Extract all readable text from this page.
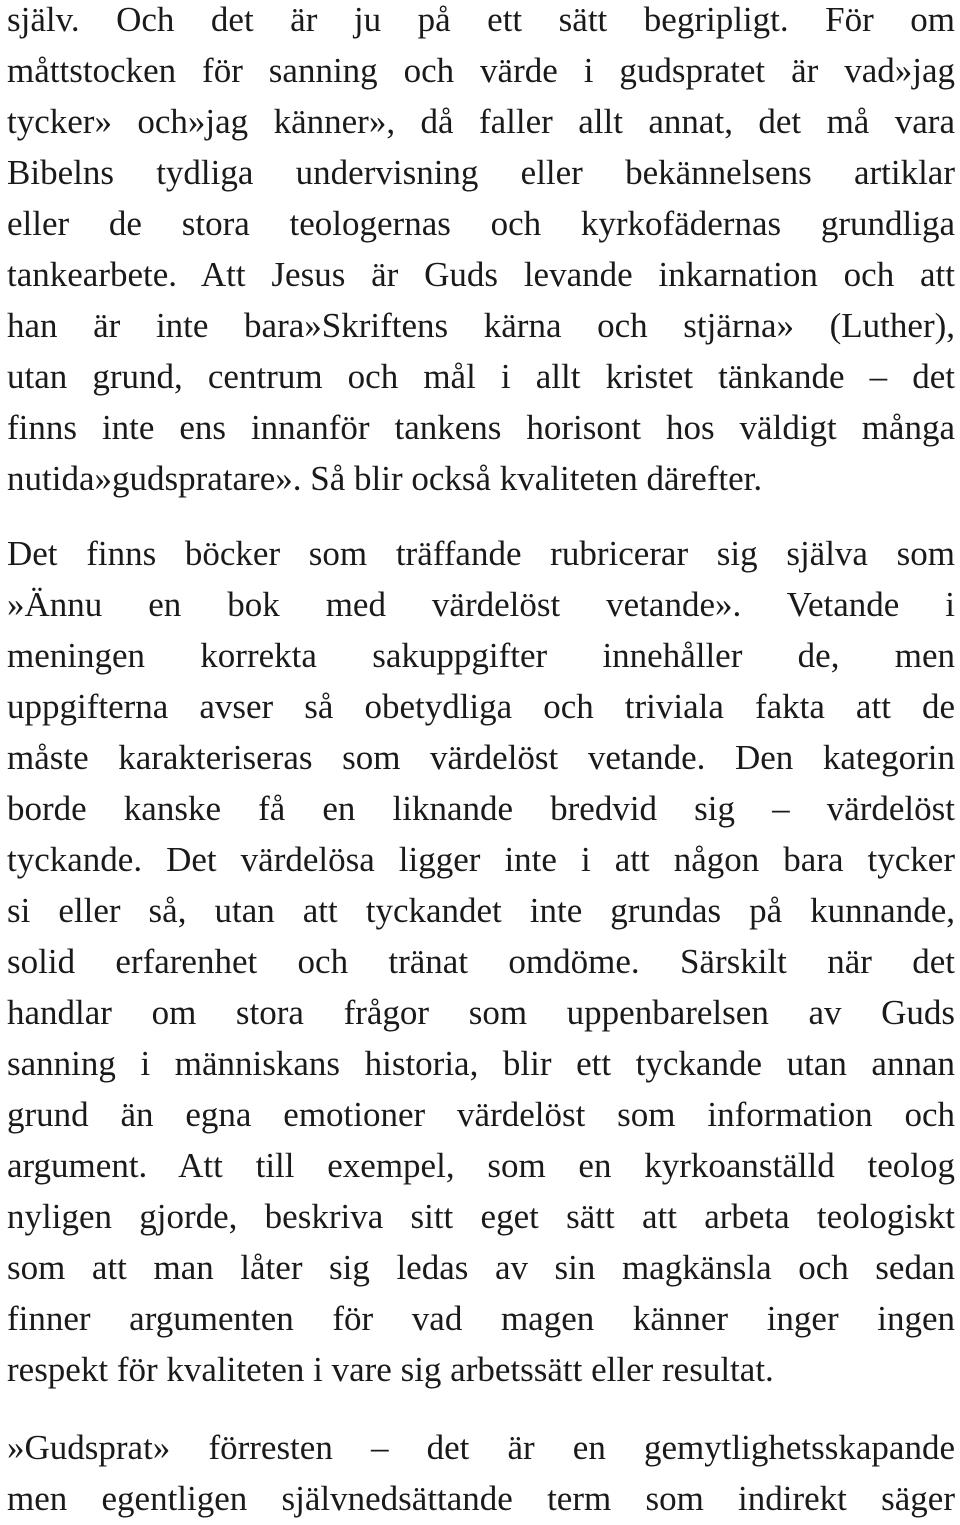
själv. Och det är ju på ett sätt begripligt. För om
måttstocken för sanning och värde i gudspratet är vad»jag
tycker» och»jag känner», då faller allt annat, det må vara
Bibelns tydliga undervisning eller bekännelsens artiklar
eller de stora teologernas och kyrkofädernas grundliga
tankearbete. Att Jesus är Guds levande inkarnation och att
han är inte bara»Skriftens kärna och stjärna» (Luther),
utan grund, centrum och mål i allt kristet tänkande – det
finns inte ens innanför tankens horisont hos väldigt många
nutida»gudspratare». Så blir också kvaliteten därefter.
Det finns böcker som träffande rubricerar sig själva som
»Ännu en bok med värdelöst vetande». Vetande i
meningen korrekta sakuppgifter innehåller de, men
uppgifterna avser så obetydliga och triviala fakta att de
måste karakteriseras som värdelöst vetande. Den kategorin
borde kanske få en liknande bredvid sig – värdelöst
tyckande. Det värdelösa ligger inte i att någon bara tycker
si eller så, utan att tyckandet inte grundas på kunnande,
solid erfarenhet och tränat omdöme. Särskilt när det
handlar om stora frågor som uppenbarelsen av Guds
sanning i människans historia, blir ett tyckande utan annan
grund än egna emotioner värdelöst som information och
argument. Att till exempel, som en kyrkoanställd teolog
nyligen gjorde, beskriva sitt eget sätt att arbeta teologiskt
som att man låter sig ledas av sin magkänsla och sedan
finner argumenten för vad magen känner inger ingen
respekt för kvaliteten i vare sig arbetssätt eller resultat.
»Gudsprat» förresten – det är en gemytlighetsskapande
men egentligen självnedsättande term som indirekt säger
